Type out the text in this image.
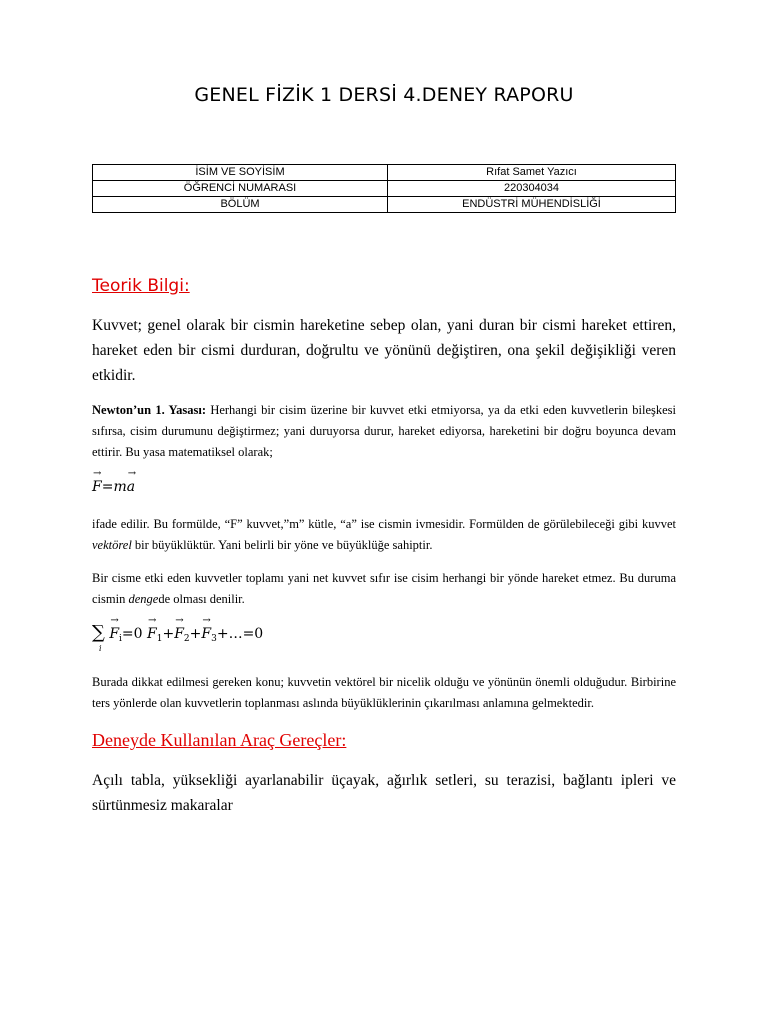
GENEL FİZİK 1 DERSİ 4.DENEY RAPORU
İSİM VE SOYİSİM	Rıfat Samet Yazıcı
ÖĞRENCİ NUMARASI	220304034
BÖLÜM	ENDÜSTRİ MÜHENDİSLİĞİ
Teorik Bilgi:
Kuvvet; genel olarak bir cismin hareketine sebep olan, yani duran bir cismi hareket ettiren, hareket eden bir cismi durduran, doğrultu ve yönünü değiştiren, ona şekil değişikliği veren etkidir.
Newton’un 1. Yasası: Herhangi bir cisim üzerine bir kuvvet etki etmiyorsa, ya da etki eden kuvvetlerin bileşkesi sıfırsa, cisim durumunu değiştirmez; yani duruyorsa durur, hareket ediyorsa, hareketini bir doğru boyunca devam ettirir. Bu yasa matematiksel olarak;
→ F=m→ a
ifade edilir. Bu formülde, “F” kuvvet,”m” kütle, “a” ise cismin ivmesidir. Formülden de görülebileceği gibi kuvvet vektörel bir büyüklüktür. Yani belirli bir yöne ve büyüklüğe sahiptir.
Bir cisme etki eden kuvvetler toplamı yani net kuvvet sıfır ise cisim herhangi bir yönde hareket etmez. Bu duruma cismin dengede olması denilir.
∑
i
→ $F_i=0 \to F_1+\to F_2+\to$ $F_3+\dots=0$
Burada dikkat edilmesi gereken konu; kuvvetin vektörel bir nicelik olduğu ve yönünün önemli olduğudur. Birbirine ters yönlerde olan kuvvetlerin toplanması aslında büyüklüklerinin çıkarılması anlamına gelmektedir.
Deneyde Kullanılan Araç Gereçler:
Açılı tabla, yüksekliği ayarlanabilir üçayak, ağırlık setleri, su terazisi, bağlantı ipleri ve sürtünmesiz makaralar
